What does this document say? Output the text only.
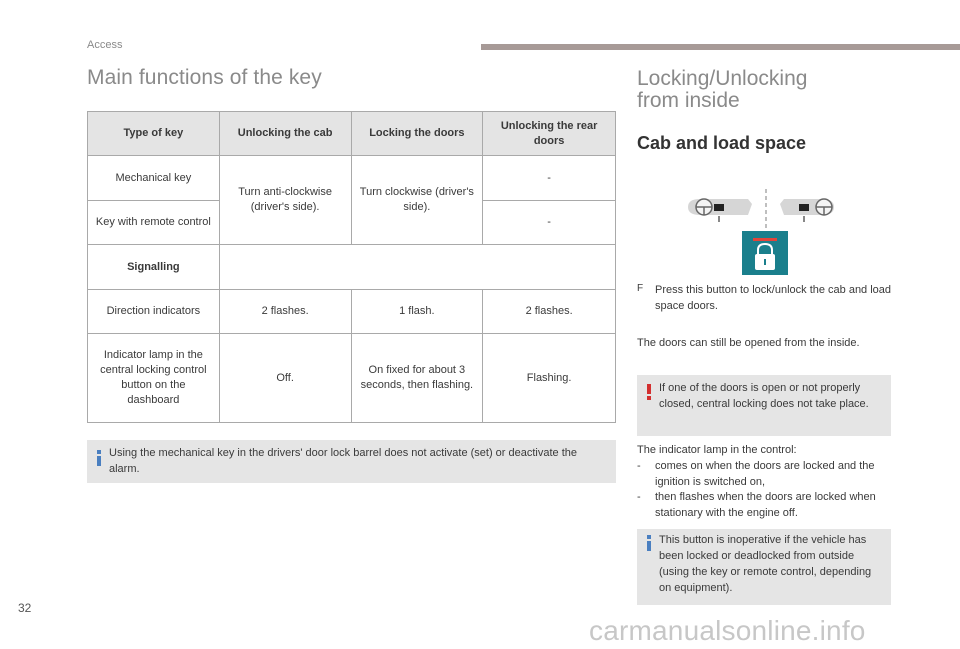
Access
Main functions of the key
Type of key	Unlocking the cab	Locking the doors	Unlocking the rear doors
Mechanical key	Turn anti-clockwise (driver's side).	Turn clockwise (driver's side).	-
Key with remote control			-
Signalling			
Direction indicators	2 flashes.	1 flash.	2 flashes.
Indicator lamp in the central locking control button on the dashboard	Off.	On fixed for about 3 seconds, then flashing.	Flashing.
Using the mechanical key in the drivers' door lock barrel does not activate (set) or deactivate the alarm.
Locking/Unlocking
from inside
Cab and load space
F Press this button to lock/unlock the cab and load space doors.
The doors can still be opened from the inside.
If one of the doors is open or not properly closed, central locking does not take place.
The indicator lamp in the control:
- comes on when the doors are locked and the ignition is switched on,
- then flashes when the doors are locked when stationary with the engine off.
This button is inoperative if the vehicle has been locked or deadlocked from outside (using the key or remote control, depending on equipment).
32
carmanualsonline.info
